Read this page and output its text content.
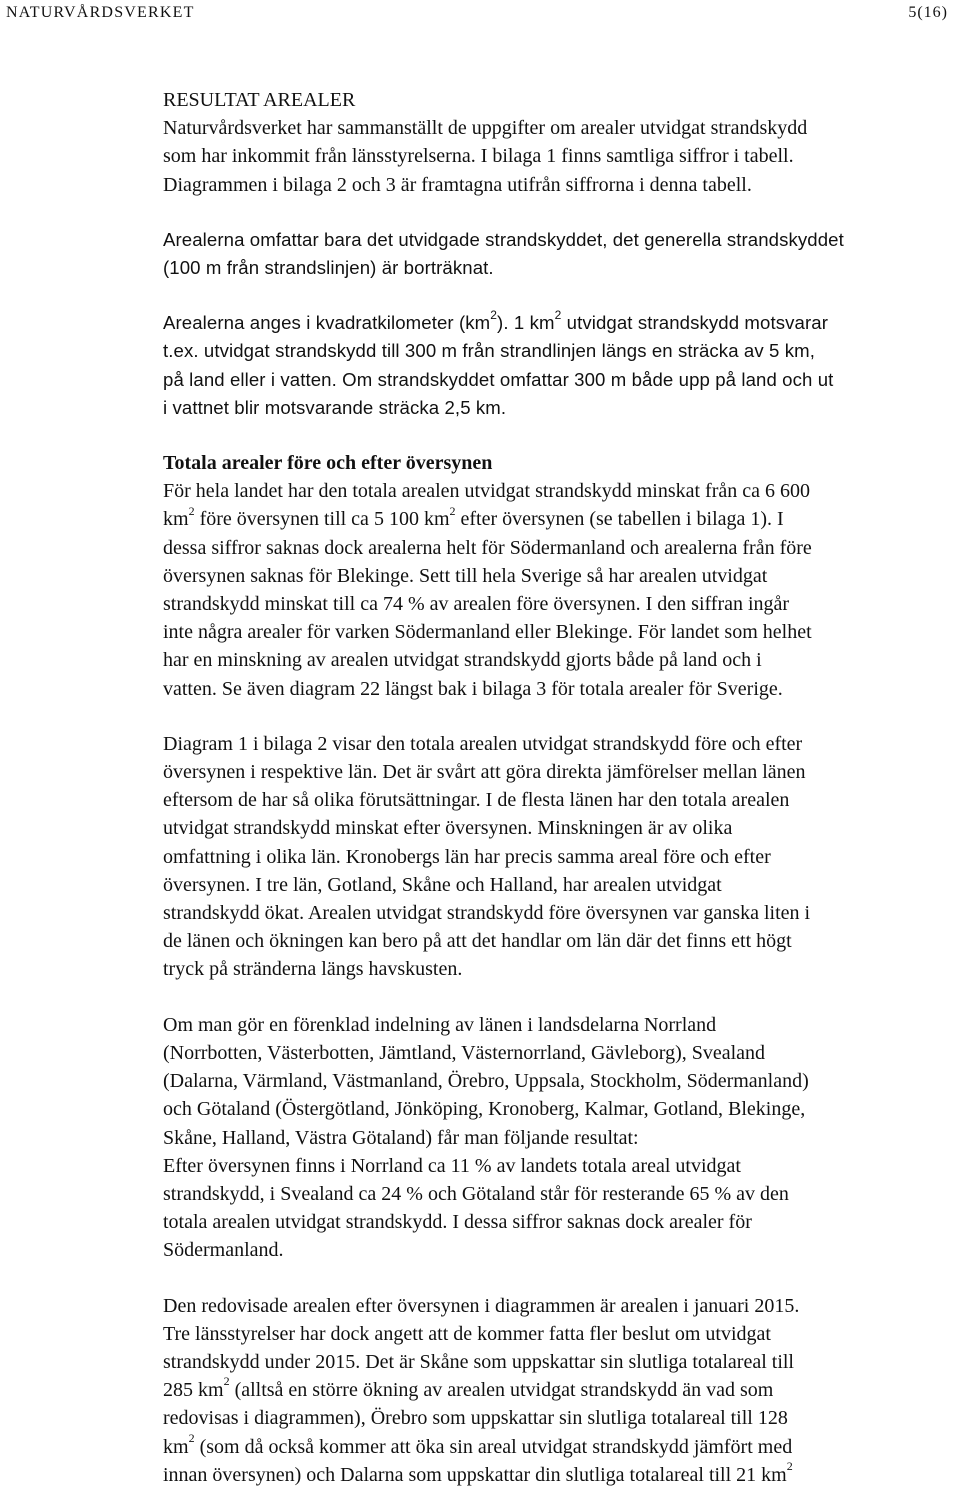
NATURVÅRDSVERKET	5(16)
RESULTAT AREALER
Naturvårdsverket har sammanställt de uppgifter om arealer utvidgat strandskydd
som har inkommit från länsstyrelserna. I bilaga 1 finns samtliga siffror i tabell.
Diagrammen i bilaga 2 och 3 är framtagna utifrån siffrorna i denna tabell.
Arealerna omfattar bara det utvidgade strandskyddet, det generella strandskyddet
(100 m från strandslinjen) är borträknat.
Arealerna anges i kvadratkilometer $(km^2)$. 1 $km^2$ utvidgat strandskydd motsvarar
t.ex. utvidgat strandskydd till 300 m från strandlinjen längs en sträcka av 5 km,
på land eller i vatten. Om strandskyddet omfattar 300 m både upp på land och ut
i vattnet blir motsvarande sträcka 2,5 km.
Totala arealer före och efter översynen
För hela landet har den totala arealen utvidgat strandskydd minskat från ca 6 600
$km^2$ före översynen till ca 5 100 $km^2$ efter översynen (se tabellen i bilaga 1). I
dessa siffror saknas dock arealerna helt för Södermanland och arealerna från före
översynen saknas för Blekinge. Sett till hela Sverige så har arealen utvidgat
strandskydd minskat till ca 74 % av arealen före översynen. I den siffran ingår
inte några arealer för varken Södermanland eller Blekinge. För landet som helhet
har en minskning av arealen utvidgat strandskydd gjorts både på land och i
vatten. Se även diagram 22 längst bak i bilaga 3 för totala arealer för Sverige.
Diagram 1 i bilaga 2 visar den totala arealen utvidgat strandskydd före och efter
översynen i respektive län. Det är svårt att göra direkta jämförelser mellan länen
eftersom de har så olika förutsättningar. I de flesta länen har den totala arealen
utvidgat strandskydd minskat efter översynen. Minskningen är av olika
omfattning i olika län. Kronobergs län har precis samma areal före och efter
översynen. I tre län, Gotland, Skåne och Halland, har arealen utvidgat
strandskydd ökat. Arealen utvidgat strandskydd före översynen var ganska liten i
de länen och ökningen kan bero på att det handlar om län där det finns ett högt
tryck på stränderna längs havskusten.
Om man gör en förenklad indelning av länen i landsdelarna Norrland
(Norrbotten, Västerbotten, Jämtland, Västernorrland, Gävleborg), Svealand
(Dalarna, Värmland, Västmanland, Örebro, Uppsala, Stockholm, Södermanland)
och Götaland (Östergötland, Jönköping, Kronoberg, Kalmar, Gotland, Blekinge,
Skåne, Halland, Västra Götaland) får man följande resultat:
Efter översynen finns i Norrland ca 11 % av landets totala areal utvidgat
strandskydd, i Svealand ca 24 % och Götaland står för resterande 65 % av den
totala arealen utvidgat strandskydd. I dessa siffror saknas dock arealer för
Södermanland.
Den redovisade arealen efter översynen i diagrammen är arealen i januari 2015.
Tre länsstyrelser har dock angett att de kommer fatta fler beslut om utvidgat
strandskydd under 2015. Det är Skåne som uppskattar sin slutliga totalareal till
285 $km^2$ (alltså en större ökning av arealen utvidgat strandskydd än vad som
redovisas i diagrammen), Örebro som uppskattar sin slutliga totalareal till 128
$km^2$ (som då också kommer att öka sin areal utvidgat strandskydd jämfört med
innan översynen) och Dalarna som uppskattar din slutliga totalareal till 21 $km^2$
